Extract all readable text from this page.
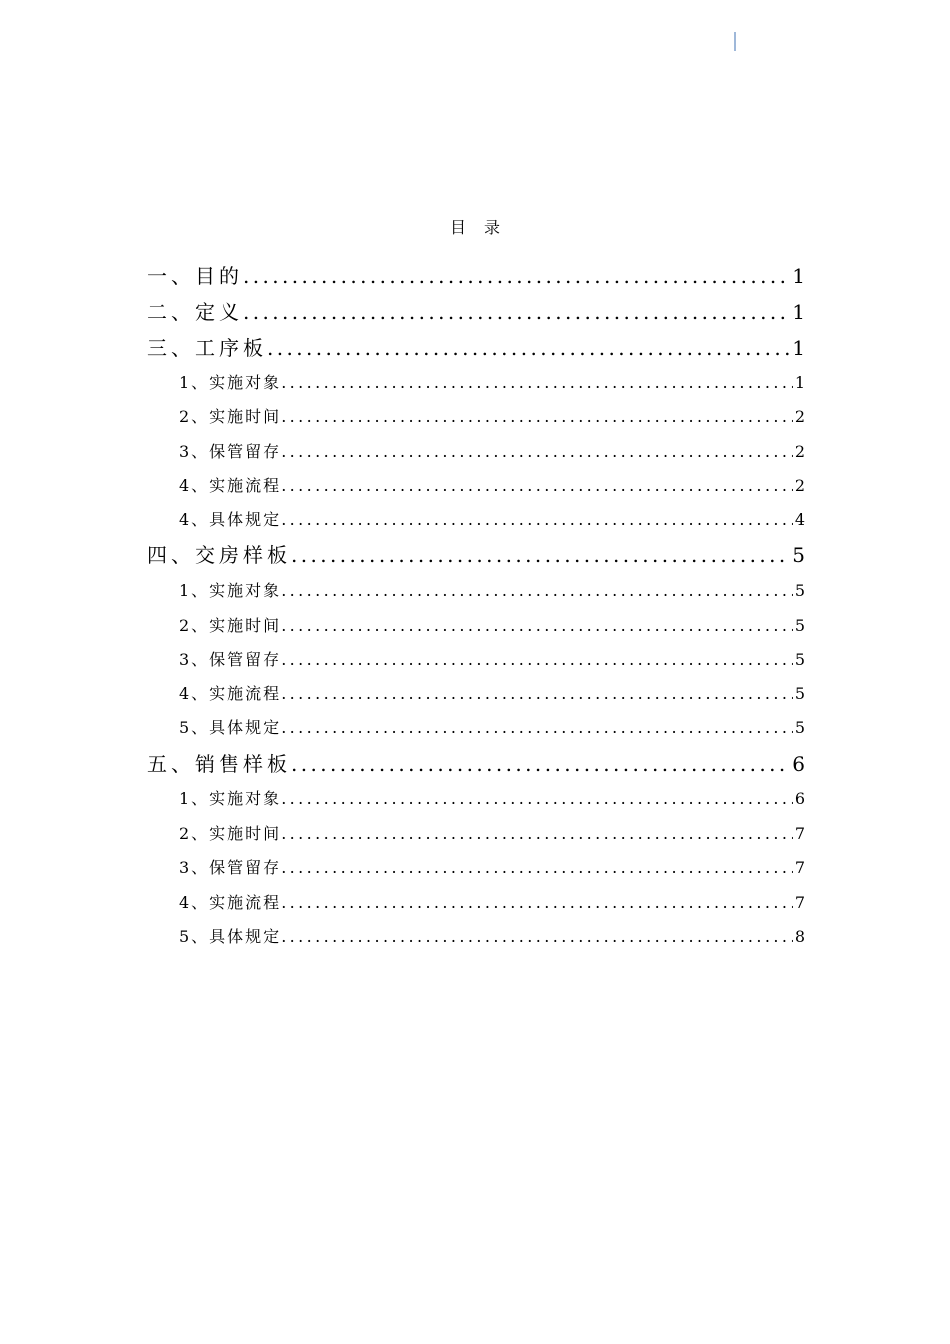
目录
一、目的 .....	1
二、定义 .....	1
三、工序板 .....	1
1、实施对象 .....	1
2、实施时间 .....	2
3、保管留存 .....	2
4、实施流程 .....	2
4、具体规定 .....	4
四、交房样板 .....	5
1、实施对象 .....	5
2、实施时间 .....	5
3、保管留存 .....	5
4、实施流程 .....	5
5、具体规定 .....	5
五、销售样板 .....	6
1、实施对象 .....	6
2、实施时间 .....	7
3、保管留存 .....	7
4、实施流程 .....	7
5、具体规定 .....	8
